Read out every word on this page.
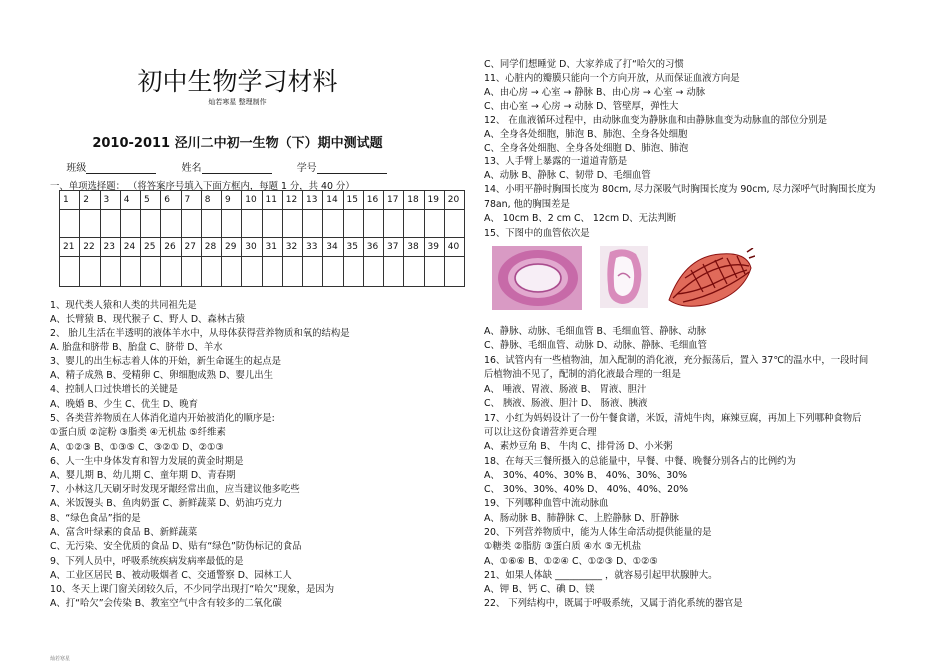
初中生物学习材料
灿若寒星 整理制作
2010-2011 泾川二中初一生物（下）期中测试题
班级	姓名	学号
一、单项选择题： （将答案序号填入下面方框内，每题 1 分，共 40 分）
1	2	3	4	5	6	7	8	9	10	11	12	13	14	15	16	17	18	19	20

21	22	23	24	25	26	27	28	29	30	31	32	33	34	35	36	37	38	39	40

1、现代类人猿和人类的共同祖先是
A、长臂猿 B、现代猴子 C、野人 D、森林古猿
2、 胎儿生活在半透明的液体羊水中，从母体获得营养物质和氧的结构是
A. 胎盘和脐带 B、胎盘 C、脐带 D、羊水
3、婴儿的出生标志着人体的开始，新生命诞生的起点是
A、精子成熟 B、受精卵 C、卵细胞成熟 D、婴儿出生
4、控制人口过快增长的关键是
A、晚婚 B、少生 C、优生 D、晚育
5、各类营养物质在人体消化道内开始被消化的顺序是:
①蛋白质 ②淀粉 ③脂类 ④无机盐 ⑤纤维素
A、①②③ B、①③⑤ C、③②① D、②①③
6、人一生中身体发育和智力发展的黄金时期是
A、婴儿期 B、幼儿期 C、童年期 D、青春期
7、小林这几天刷牙时发现牙龈经常出血，应当建议他多吃些
A、米饭馒头 B、鱼肉奶蛋 C、新鲜蔬菜 D、奶油巧克力
8、“绿色食品”指的是
A、富含叶绿素的食品 B、新鲜蔬菜
C、无污染、安全优质的食品 D、贴有“绿色”防伪标记的食品
9、下列人员中，呼吸系统疾病发病率最低的是
A、工业区居民 B、被动吸烟者 C、交通警察 D、园林工人
10、冬天上课门窗关闭较久后，不少同学出现打“哈欠”现象，是因为
A、打“哈欠”会传染 B、教室空气中含有较多的二氧化碳
C、同学们想睡觉 D、大家养成了打“哈欠的习惯
11、心脏内的瓣膜只能向一个方向开放，从而保证血液方向是
A、由心房 → 心室 → 静脉 B、由心房 → 心室 → 动脉
C、由心室 → 心房 → 动脉 D、管壁厚，弹性大
12、 在血液循环过程中，由动脉血变为静脉血和由静脉血变为动脉血的部位分别是
A、全身各处细胞，肺泡 B、肺泡、全身各处细胞
C、全身各处细胞、全身各处细胞 D、肺泡、肺泡
13、人手臂上暴露的一道道青筋是
A、动脉 B、静脉 C、韧带 D、毛细血管
14、小明平静时胸围长度为 80cm, 尽力深吸气时胸围长度为 90cm, 尽力深呼气时胸围长度为
78an, 他的胸围差是
A、 10cm B、2 cm C、 12cm D、无法判断
15、下图中的血管依次是
A、静脉、动脉、毛细血管 B、毛细血管、静脉、动脉
C、静脉、毛细血管、动脉 D、动脉、静脉、毛细血管
16、试管内有一些植物油，加入配制的消化液，充分振荡后，置入 37℃的温水中，一段时间
后植物油不见了，配制的消化液最合理的一组是
A、 唾液、胃液、肠液 B、 胃液、胆汁
C、 胰液、肠液、胆汁 D、 肠液、胰液
17、小红为妈妈设计了一份午餐食谱，米饭，清炖牛肉，麻辣豆腐，再加上下列哪种食物后
可以让这份食谱营养更合理
A、素炒豆角 B、 牛肉 C、排骨汤 D、小米粥
18、在每天三餐所摄入的总能量中，早餐、中餐、晚餐分别各占的比例约为
A、 30%、40%、30% B、 40%、30%、30%
C、 30%、30%、40% D、 40%、40%、20%
19、下列哪种血管中流动脉血
A、肠动脉 B、肺静脉 C、上腔静脉 D、肝静脉
20、下列营养物质中，能为人体生命活动提供能量的是
①糖类 ②脂肪 ③蛋白质 ④水 ⑤无机盐
A、①⑥⑥ B、①②④ C、①②③ D、①②⑤
21、如果人体缺 __________ ，就容易引起甲状腺肿大。
A、钾 B、钙 C、碘 D、镁
22、 下列结构中，既属于呼吸系统，又属于消化系统的器官是
灿若寒星
